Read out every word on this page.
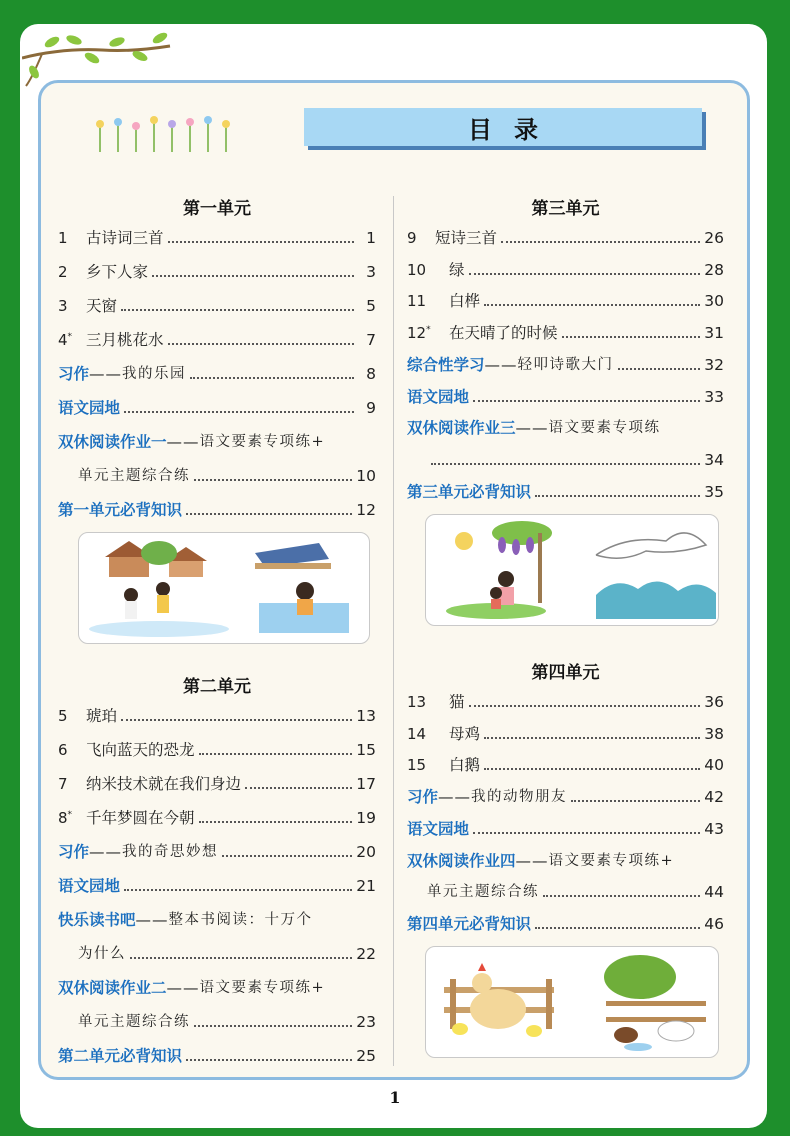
目录
第一单元
第二单元
1	古诗词三首	1
2	乡下人家	3
3	天窗	5
4* 三月桃花水	7
习作 —— 我的乐园	8
语文园地	9
双休阅读作业一 —— 语文要素专项练+
单元主题综合练	10
第一单元必背知识	12
5	琥珀	13
6	飞向蓝天的恐龙	15
7	纳米技术就在我们身边	17
8* 千年梦圆在今朝	19
习作 —— 我的奇思妙想	20
语文园地	21
快乐读书吧 —— 整本书阅读：十万个
为什么	22
双休阅读作业二 —— 语文要素专项练+
单元主题综合练	23
第二单元必背知识	25
第三单元
第四单元
9	短诗三首	26
10	绿	28
11	白桦	30
12*	在天晴了的时候	31
综合性学习 —— 轻叩诗歌大门	32
语文园地	33
双休阅读作业三 —— 语文要素专项练
34
第三单元必背知识	35
13	猫	36
14	母鸡	38
15	白鹅	40
习作 —— 我的动物朋友	42
语文园地	43
双休阅读作业四 —— 语文要素专项练+
单元主题综合练	44
第四单元必背知识	46
1
